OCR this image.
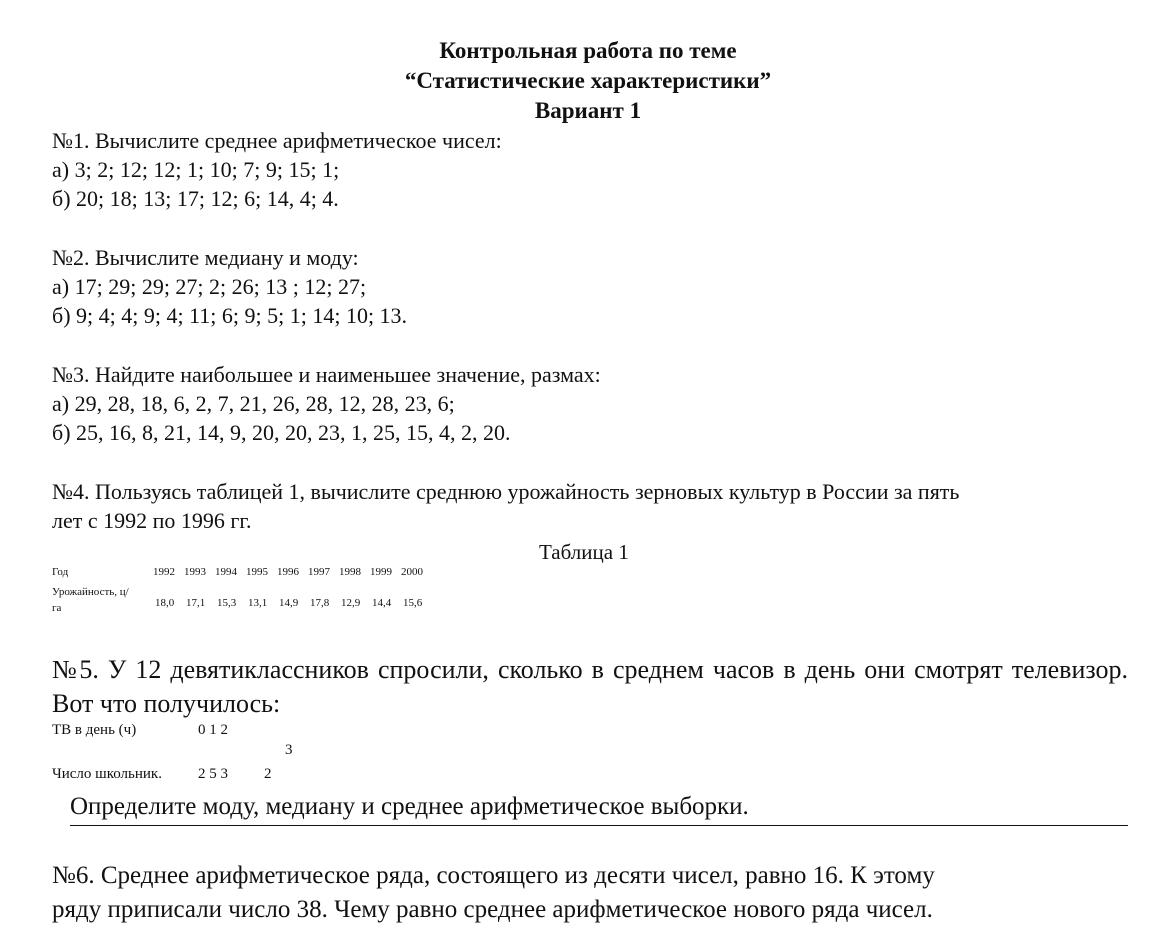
Контрольная работа по теме
“Статистические характеристики”
Вариант 1
№1. Вычислите среднее арифметическое чисел:
а) 3; 2; 12; 12; 1; 10; 7; 9; 15; 1;
б) 20; 18; 13; 17; 12; 6; 14, 4; 4.
№2. Вычислите медиану и моду:
а) 17; 29; 29; 27; 2; 26; 13 ; 12; 27;
б) 9; 4; 4; 9; 4; 11; 6; 9; 5; 1; 14; 10; 13.
№3. Найдите наибольшее и наименьшее значение, размах:
а) 29, 28, 18, 6, 2, 7, 21, 26, 28, 12, 28, 23, 6;
б) 25, 16, 8, 21, 14, 9, 20, 20, 23, 1, 25, 15, 4, 2, 20.
№4. Пользуясь таблицей 1, вычислите среднюю урожайность зерновых культур в России за пять
лет с 1992 по 1996 гг.
Таблица 1
Год
Урожайность, ц/
га
1992 1993 1994 1995 1996 1997 1998 1999 2000
18,0 17,1 15,3 13,1 14,9 17,8 12,9 14,4 15,6
№5. У 12 девятиклассников спросили, сколько в среднем часов в день они смотрят телевизор. Вот что получилось:
ТВ в день (ч)	0 1 2
3
Число школьник. 2 5 3 2
Определите моду, медиану и среднее арифметическое выборки.
№6. Среднее арифметическое ряда, состоящего из десяти чисел, равно 16. К этому
ряду приписали число 38. Чему равно среднее арифметическое нового ряда чисел.
